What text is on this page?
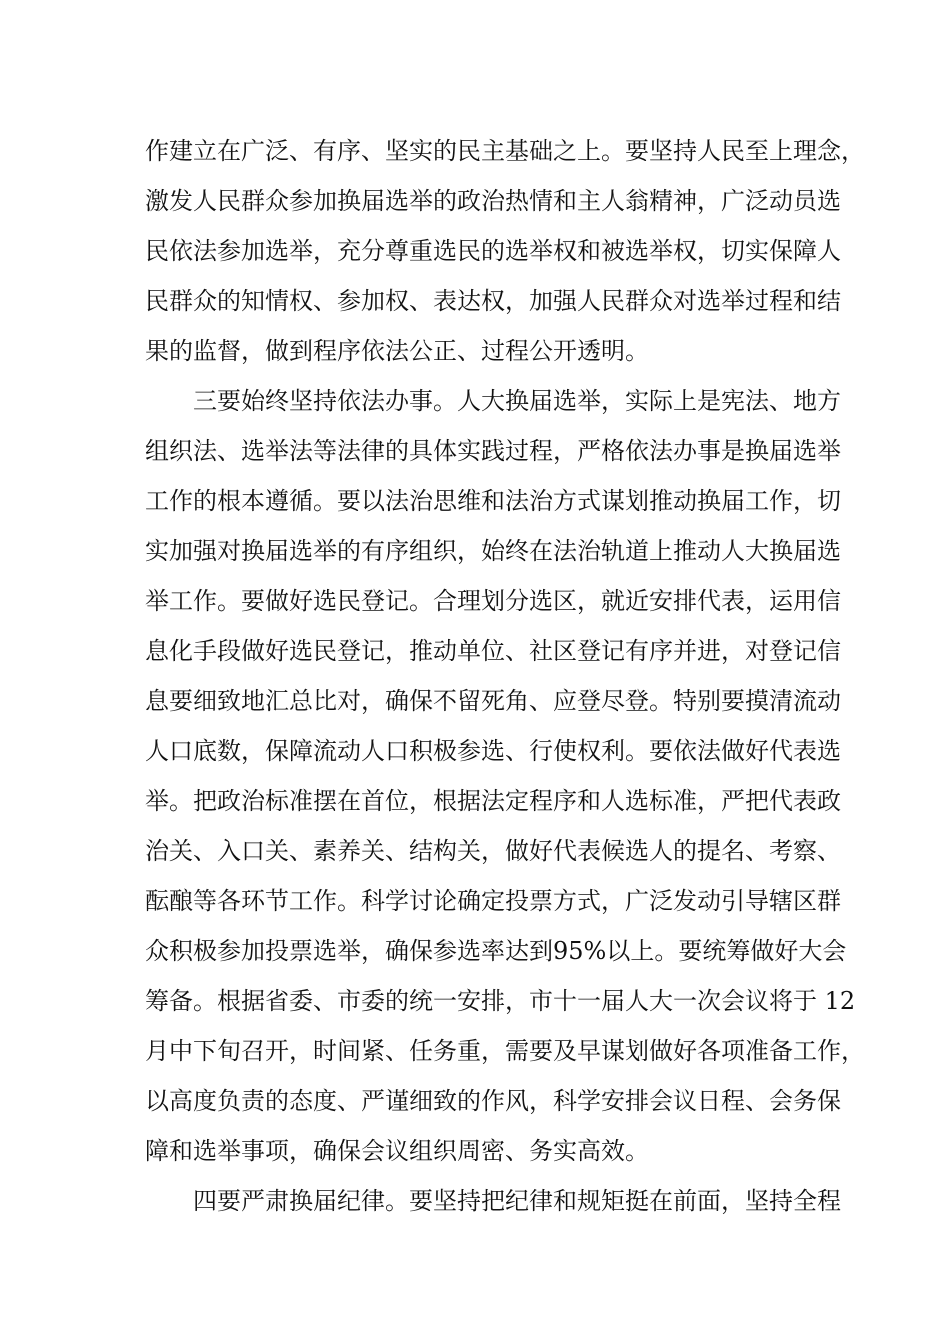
作建立在广泛、有序、坚实的民主基础之上。要坚持人民至上理念，
激发人民群众参加换届选举的政治热情和主人翁精神，广泛动员选
民依法参加选举，充分尊重选民的选举权和被选举权，切实保障人
民群众的知情权、参加权、表达权，加强人民群众对选举过程和结
果的监督，做到程序依法公正、过程公开透明。
三要始终坚持依法办事。人大换届选举，实际上是宪法、地方
组织法、选举法等法律的具体实践过程，严格依法办事是换届选举
工作的根本遵循。要以法治思维和法治方式谋划推动换届工作，切
实加强对换届选举的有序组织，始终在法治轨道上推动人大换届选
举工作。要做好选民登记。合理划分选区，就近安排代表，运用信
息化手段做好选民登记，推动单位、社区登记有序并进，对登记信
息要细致地汇总比对，确保不留死角、应登尽登。特别要摸清流动
人口底数，保障流动人口积极参选、行使权利。要依法做好代表选
举。把政治标准摆在首位，根据法定程序和人选标准，严把代表政
治关、入口关、素养关、结构关，做好代表候选人的提名、考察、
酝酿等各环节工作。科学讨论确定投票方式，广泛发动引导辖区群
众积极参加投票选举，确保参选率达到95%以上。要统筹做好大会
筹备。根据省委、市委的统一安排，市十一届人大一次会议将于 12
月中下旬召开，时间紧、任务重，需要及早谋划做好各项准备工作，
以高度负责的态度、严谨细致的作风，科学安排会议日程、会务保
障和选举事项，确保会议组织周密、务实高效。
四要严肃换届纪律。要坚持把纪律和规矩挺在前面，坚持全程
